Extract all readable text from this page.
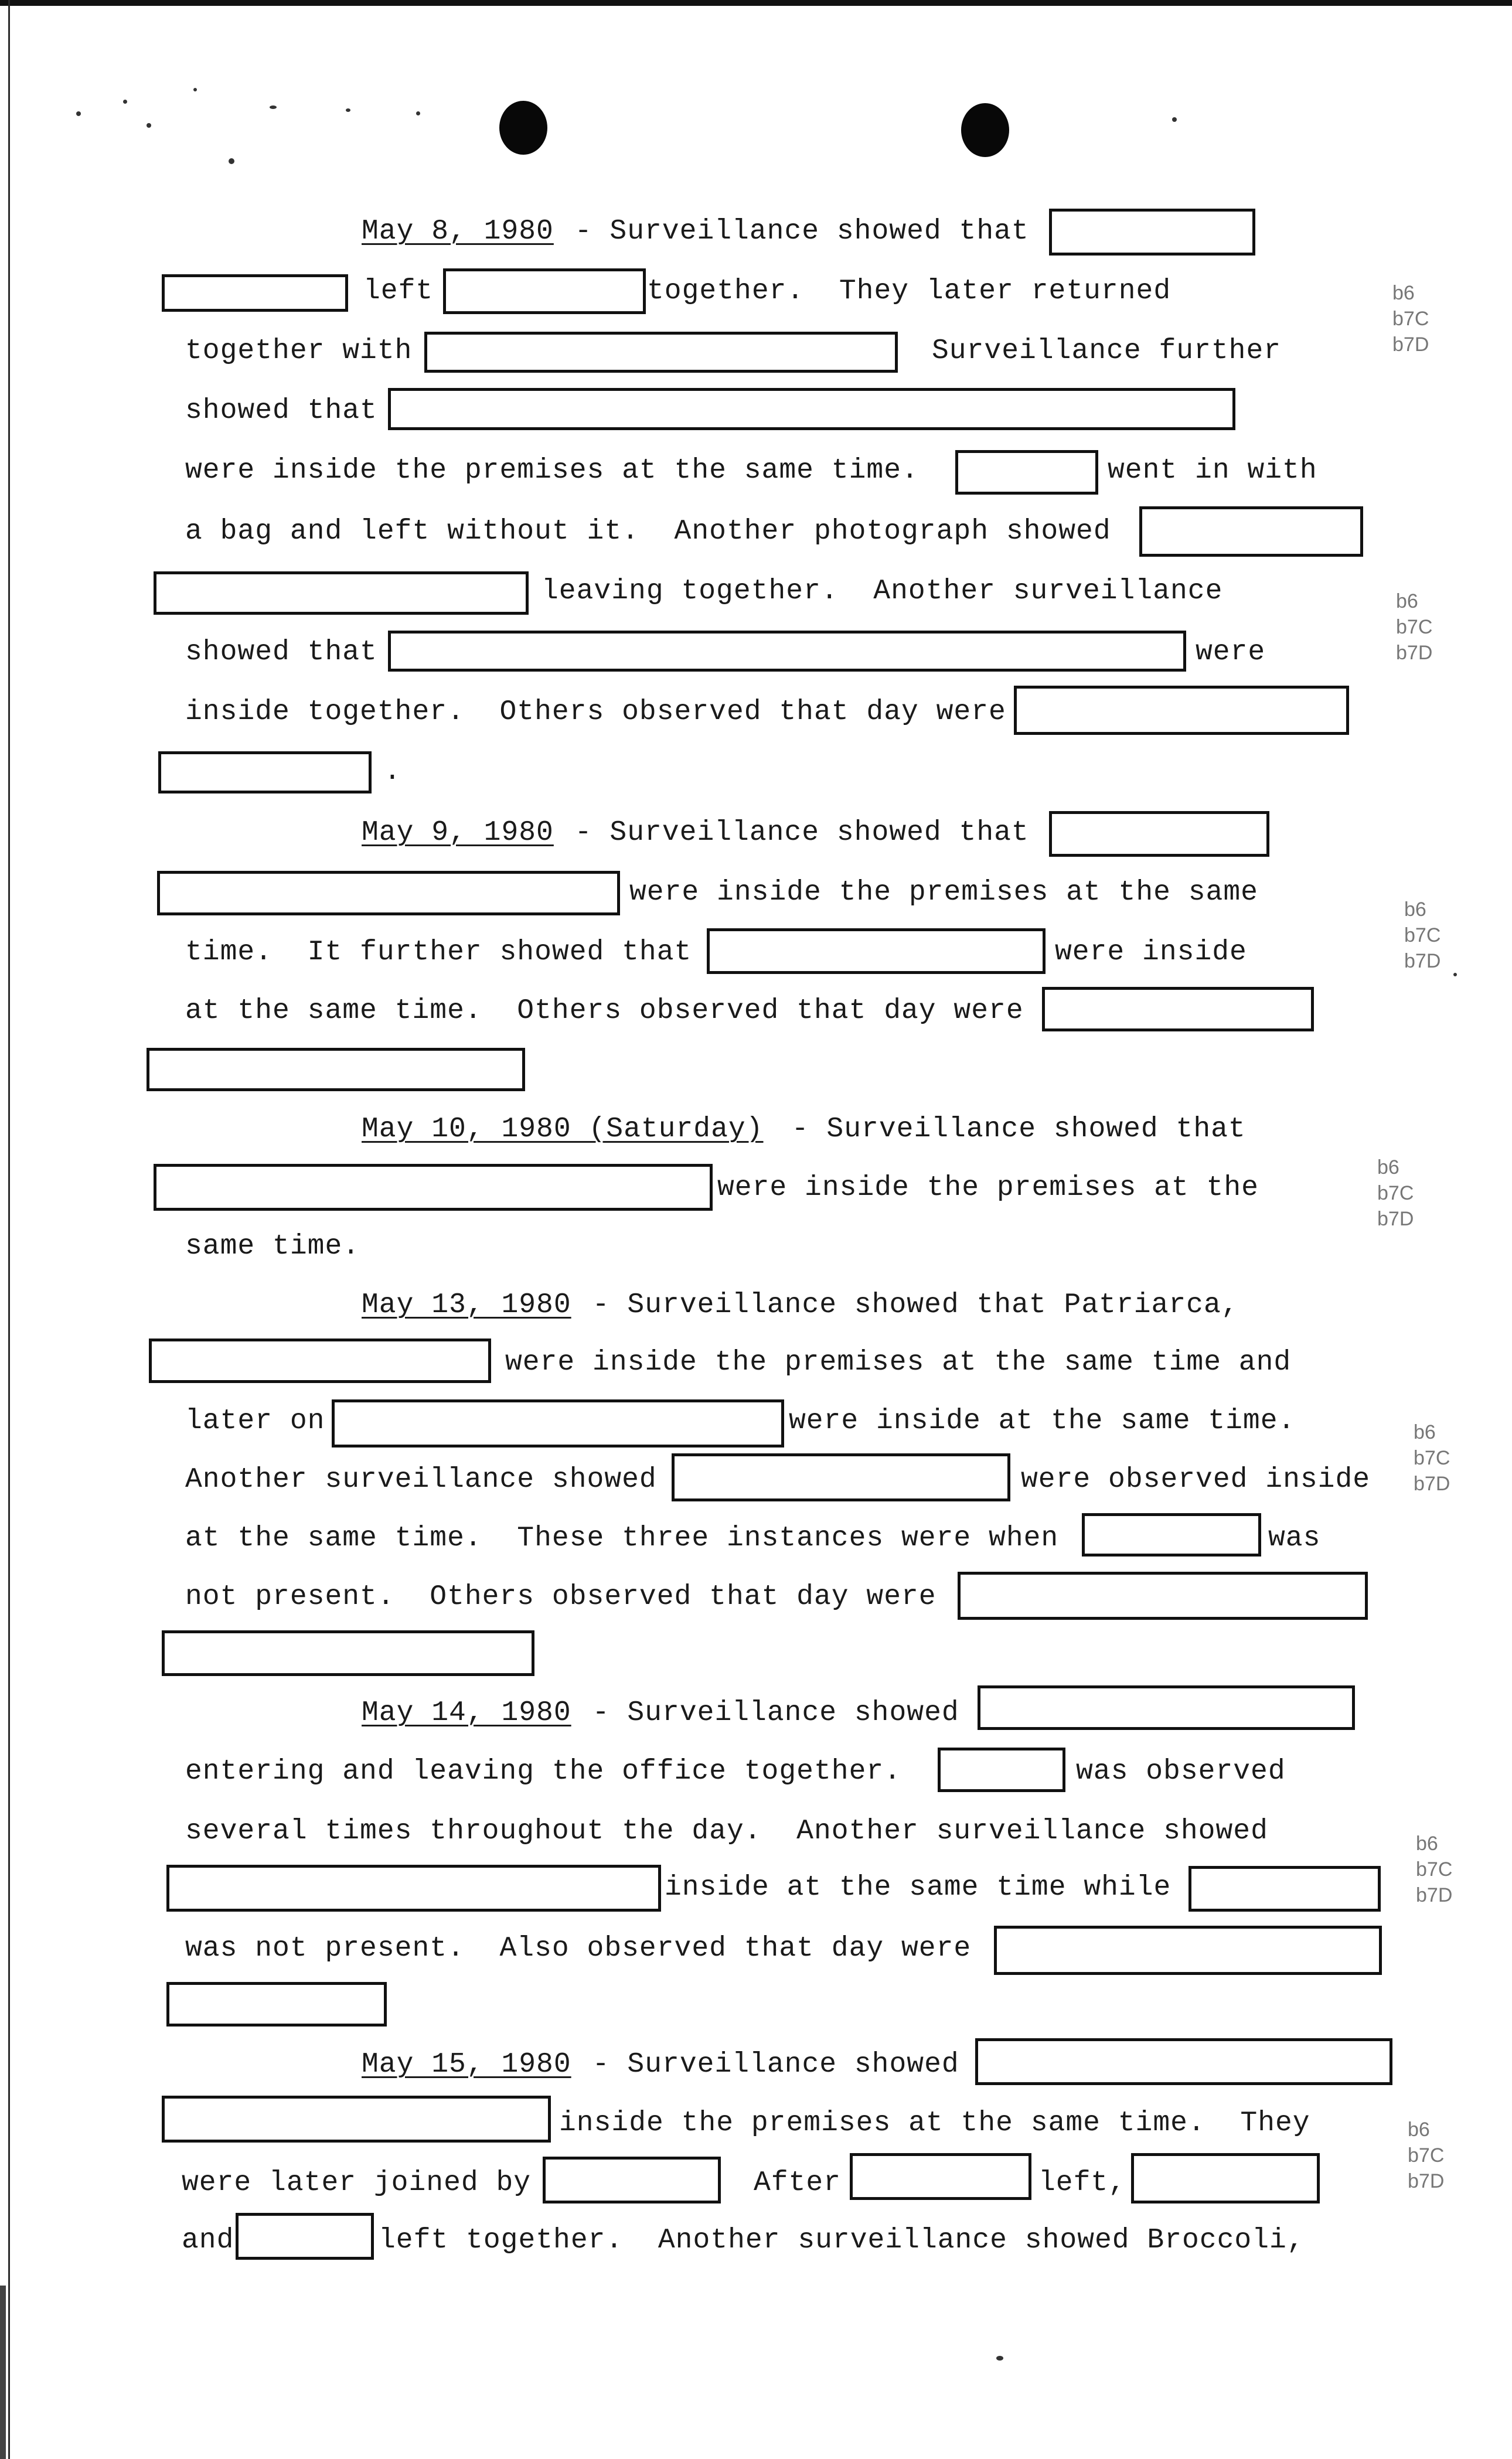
May 8, 1980 - Surveillance showed that
left	together.  They later returned
together with	Surveillance further
showed that
were inside the premises at the same time.	went in with
a bag and left without it.  Another photograph showed
leaving together.  Another surveillance
showed that	were
inside together.  Others observed that day were
.
May 9, 1980 - Surveillance showed that
were inside the premises at the same
time.  It further showed that	were inside
at the same time.  Others observed that day were
May 10, 1980 (Saturday) - Surveillance showed that
were inside the premises at the
same time.
May 13, 1980 - Surveillance showed that Patriarca,
were inside the premises at the same time and
later on	were inside at the same time.
Another surveillance showed	were observed inside
at the same time.  These three instances were when	was
not present.  Others observed that day were
May 14, 1980 - Surveillance showed
entering and leaving the office together.	was observed
several times throughout the day.  Another surveillance showed
inside at the same time while
was not present.  Also observed that day were
May 15, 1980 - Surveillance showed
inside the premises at the same time.  They
were later joined by	After	left,
and	left together.  Another surveillance showed Broccoli,
b6
b7C
b7D
b6
b7C
b7D
b6
b7C
b7D
b6
b7C
b7D
b6
b7C
b7D
b6
b7C
b7D
b6
b7C
b7D
